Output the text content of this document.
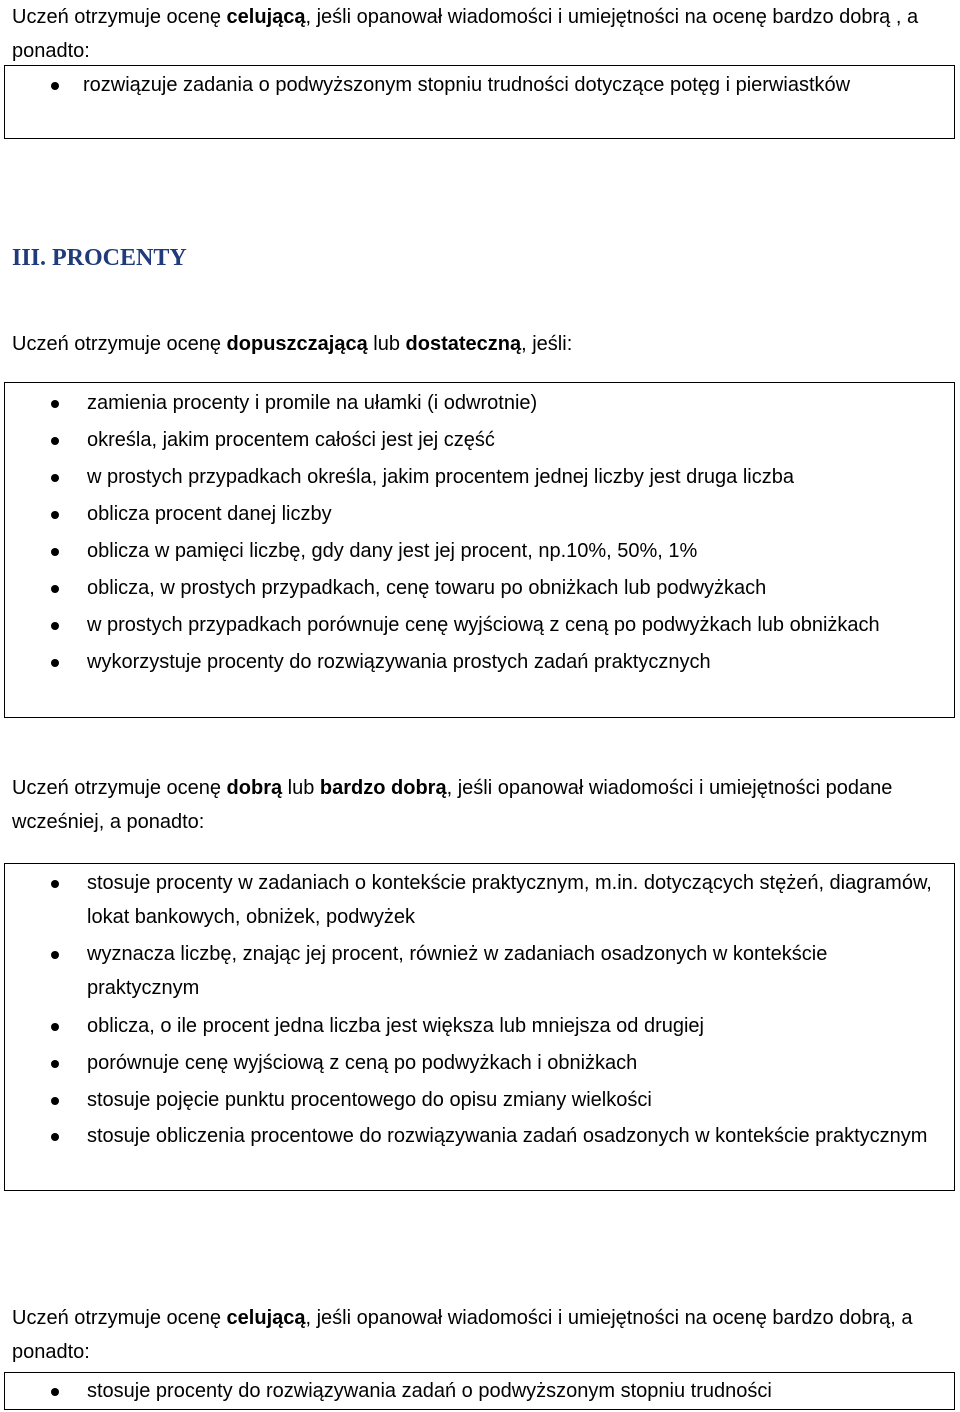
Uczeń otrzymuje ocenę celującą, jeśli opanował wiadomości i umiejętności na ocenę bardzo dobrą , a ponadto:

rozwiązuje zadania o podwyższonym stopniu trudności dotyczące potęg i pierwiastków
III. PROCENTY

Uczeń otrzymuje ocenę dopuszczającą lub dostateczną, jeśli:

zamienia procenty i promile na ułamki (i odwrotnie)
określa, jakim procentem całości jest jej część
w prostych przypadkach określa, jakim procentem jednej liczby jest druga liczba
oblicza procent danej liczby
oblicza w pamięci liczbę, gdy dany jest jej procent, np.10%, 50%, 1%
oblicza, w prostych przypadkach, cenę towaru po obniżkach lub podwyżkach
w prostych przypadkach porównuje cenę wyjściową z ceną po podwyżkach lub obniżkach
wykorzystuje procenty do rozwiązywania prostych zadań praktycznych

Uczeń otrzymuje ocenę dobrą lub bardzo dobrą, jeśli opanował wiadomości i umiejętności podane wcześniej, a ponadto:

stosuje procenty w zadaniach o kontekście praktycznym, m.in. dotyczących stężeń, diagramów, lokat bankowych, obniżek, podwyżek
wyznacza liczbę, znając jej procent, również w zadaniach osadzonych w kontekście praktycznym
oblicza, o ile procent jedna liczba jest większa lub mniejsza od drugiej
porównuje cenę wyjściową z ceną po podwyżkach i obniżkach
stosuje pojęcie punktu procentowego do opisu zmiany wielkości
stosuje obliczenia procentowe do rozwiązywania zadań osadzonych w kontekście praktycznym

Uczeń otrzymuje ocenę celującą, jeśli opanował wiadomości i umiejętności na ocenę bardzo dobrą, a ponadto:

stosuje procenty do rozwiązywania zadań o podwyższonym stopniu trudności
